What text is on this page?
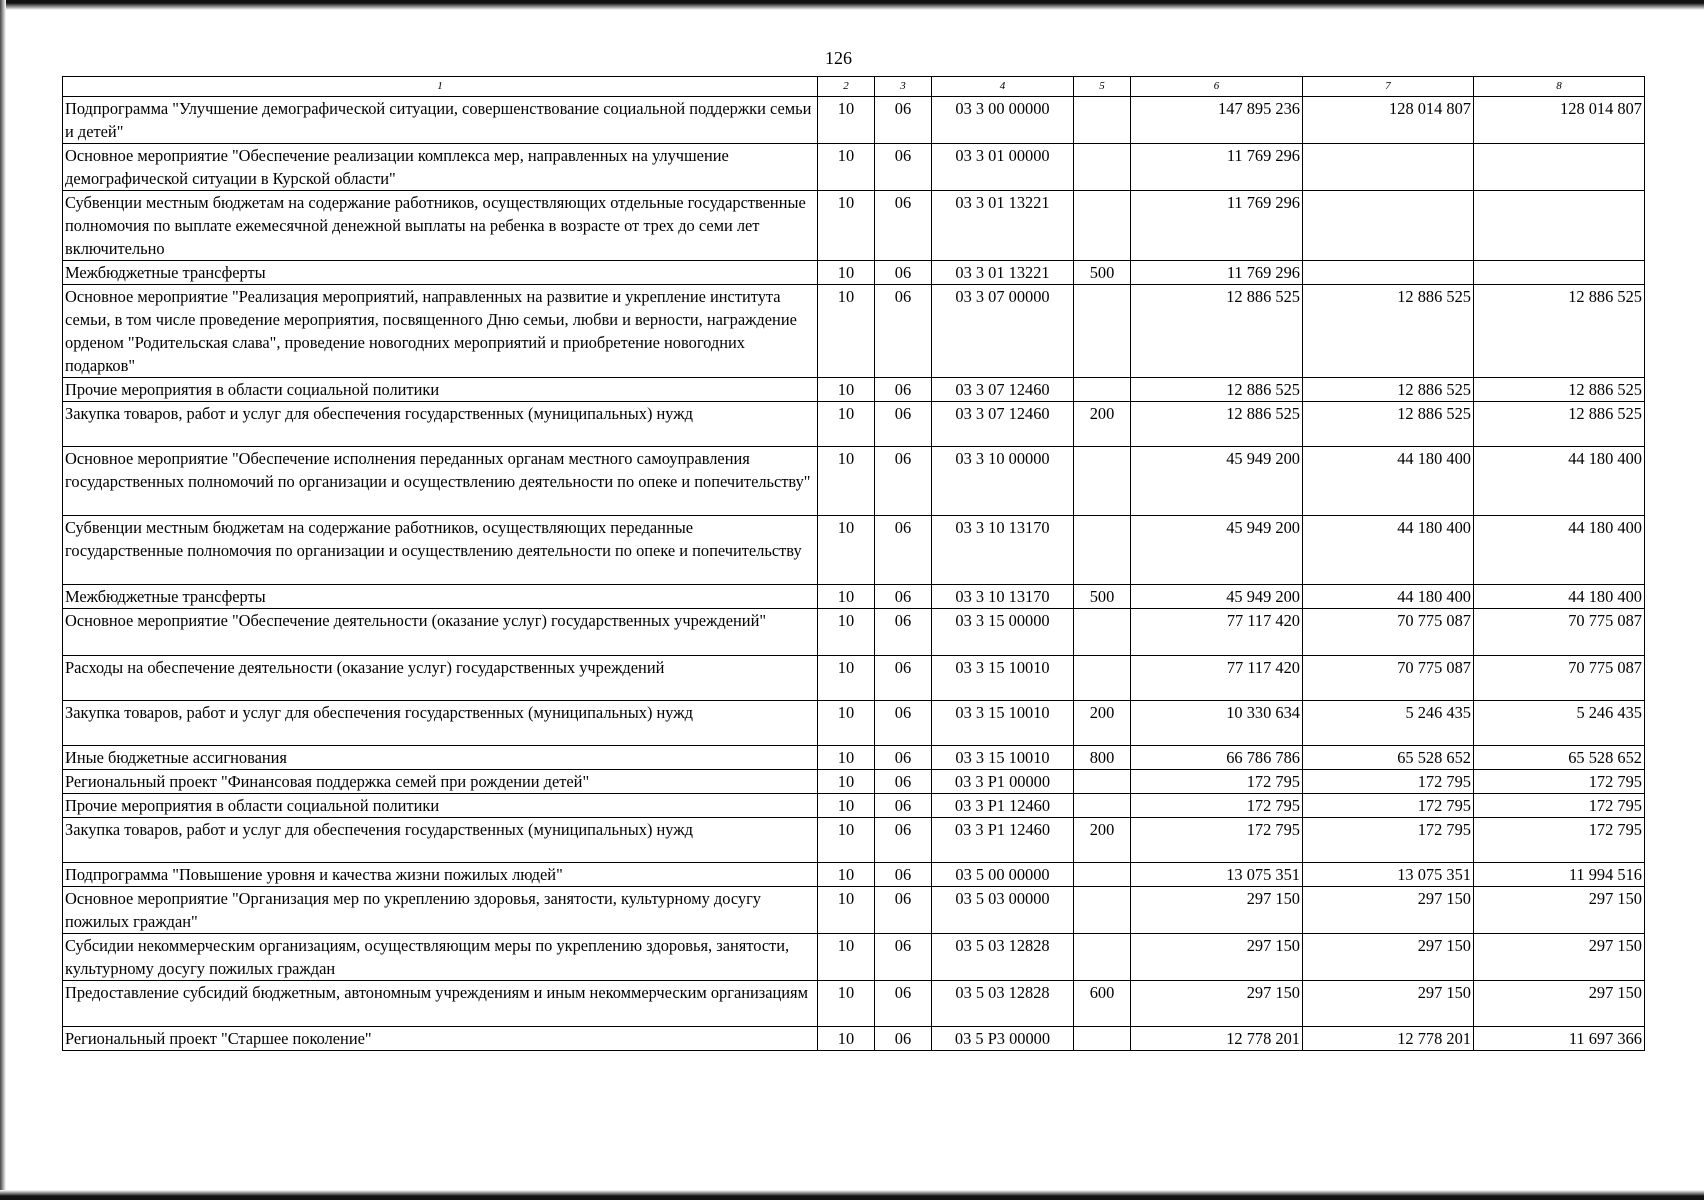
126
1	2	3	4	5	6	7	8
Подпрограмма "Улучшение демографической ситуации, совершенствование социальной поддержки семьи и детей"	10	06	03 3 00 00000		147 895 236	128 014 807	128 014 807
Основное мероприятие "Обеспечение реализации комплекса мер, направленных на улучшение демографической ситуации в Курской области"	10	06	03 3 01 00000		11 769 296		
Субвенции местным бюджетам на содержание работников, осуществляющих отдельные государственные полномочия по выплате ежемесячной денежной выплаты на ребенка в возрасте от трех до семи лет включительно	10	06	03 3 01 13221		11 769 296		
Межбюджетные трансферты	10	06	03 3 01 13221	500	11 769 296		
Основное мероприятие "Реализация мероприятий, направленных на развитие и укрепление института семьи, в том числе проведение мероприятия, посвященного Дню семьи, любви и верности, награждение орденом "Родительская слава", проведение новогодних мероприятий и приобретение новогодних подарков"	10	06	03 3 07 00000		12 886 525	12 886 525	12 886 525
Прочие мероприятия в области социальной политики	10	06	03 3 07 12460		12 886 525	12 886 525	12 886 525
Закупка товаров, работ и услуг для обеспечения государственных (муниципальных) нужд	10	06	03 3 07 12460	200	12 886 525	12 886 525	12 886 525
Основное мероприятие "Обеспечение исполнения переданных органам местного самоуправления государственных полномочий по организации и осуществлению деятельности по опеке и попечительству"	10	06	03 3 10 00000		45 949 200	44 180 400	44 180 400
Субвенции местным бюджетам на содержание работников, осуществляющих переданные государственные полномочия по организации и осуществлению деятельности по опеке и попечительству	10	06	03 3 10 13170		45 949 200	44 180 400	44 180 400
Межбюджетные трансферты	10	06	03 3 10 13170	500	45 949 200	44 180 400	44 180 400
Основное мероприятие "Обеспечение деятельности (оказание услуг) государственных учреждений"	10	06	03 3 15 00000		77 117 420	70 775 087	70 775 087
Расходы на обеспечение деятельности (оказание услуг) государственных учреждений	10	06	03 3 15 10010		77 117 420	70 775 087	70 775 087
Закупка товаров, работ и услуг для обеспечения государственных (муниципальных) нужд	10	06	03 3 15 10010	200	10 330 634	5 246 435	5 246 435
Иные бюджетные ассигнования	10	06	03 3 15 10010	800	66 786 786	65 528 652	65 528 652
Региональный проект "Финансовая поддержка семей при рождении детей"	10	06	03 3 P1 00000		172 795	172 795	172 795
Прочие мероприятия в области социальной политики	10	06	03 3 P1 12460		172 795	172 795	172 795
Закупка товаров, работ и услуг для обеспечения государственных (муниципальных) нужд	10	06	03 3 P1 12460	200	172 795	172 795	172 795
Подпрограмма "Повышение уровня и качества жизни пожилых людей"	10	06	03 5 00 00000		13 075 351	13 075 351	11 994 516
Основное мероприятие "Организация мер по укреплению здоровья, занятости, культурному досугу пожилых граждан"	10	06	03 5 03 00000		297 150	297 150	297 150
Субсидии некоммерческим организациям, осуществляющим меры по укреплению здоровья, занятости, культурному досугу пожилых граждан	10	06	03 5 03 12828		297 150	297 150	297 150
Предоставление субсидий бюджетным, автономным учреждениям и иным некоммерческим организациям	10	06	03 5 03 12828	600	297 150	297 150	297 150
Региональный проект "Старшее поколение"	10	06	03 5 P3 00000		12 778 201	12 778 201	11 697 366
